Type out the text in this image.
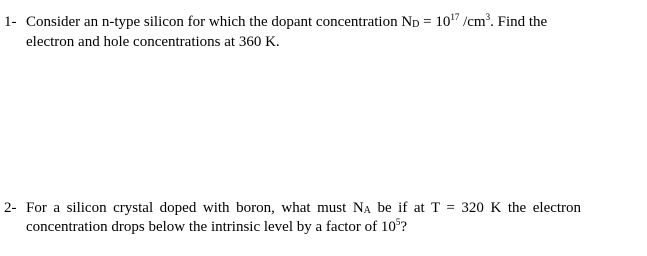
1- Consider an n-type silicon for which the dopant concentration $N_D = 10^{17}$ $/cm^3$. Find the
electron and hole concentrations at 360 K.
2- For a silicon crystal doped with boron, what must $N_A$ be if at T = 320 K the electron
concentration drops below the intrinsic level by a factor of $10^5$?
